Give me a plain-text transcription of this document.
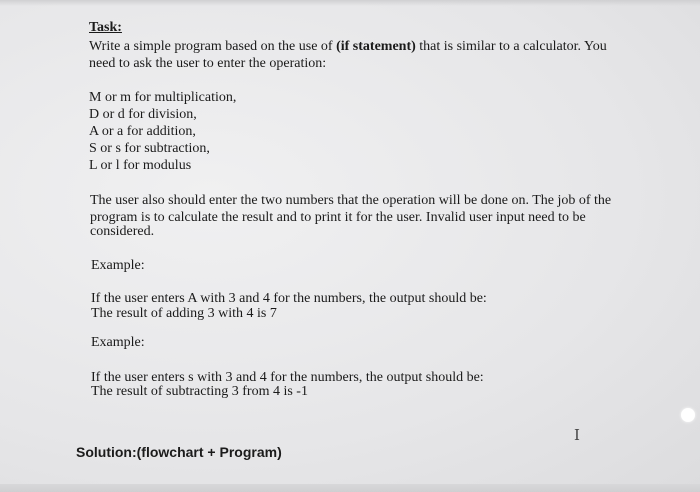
Task:
Write a simple program based on the use of (if statement) that is similar to a calculator. You
need to ask the user to enter the operation:
M or m for multiplication,
D or d for division,
A or a for addition,
S or s for subtraction,
L or l for modulus
The user also should enter the two numbers that the operation will be done on. The job of the
program is to calculate the result and to print it for the user. Invalid user input need to be
considered.
Example:
If the user enters A with 3 and 4 for the numbers, the output should be:
The result of adding 3 with 4 is 7
Example:
If the user enters s with 3 and 4 for the numbers, the output should be:
The result of subtracting 3 from 4 is -1
Solution:(flowchart + Program)
I
